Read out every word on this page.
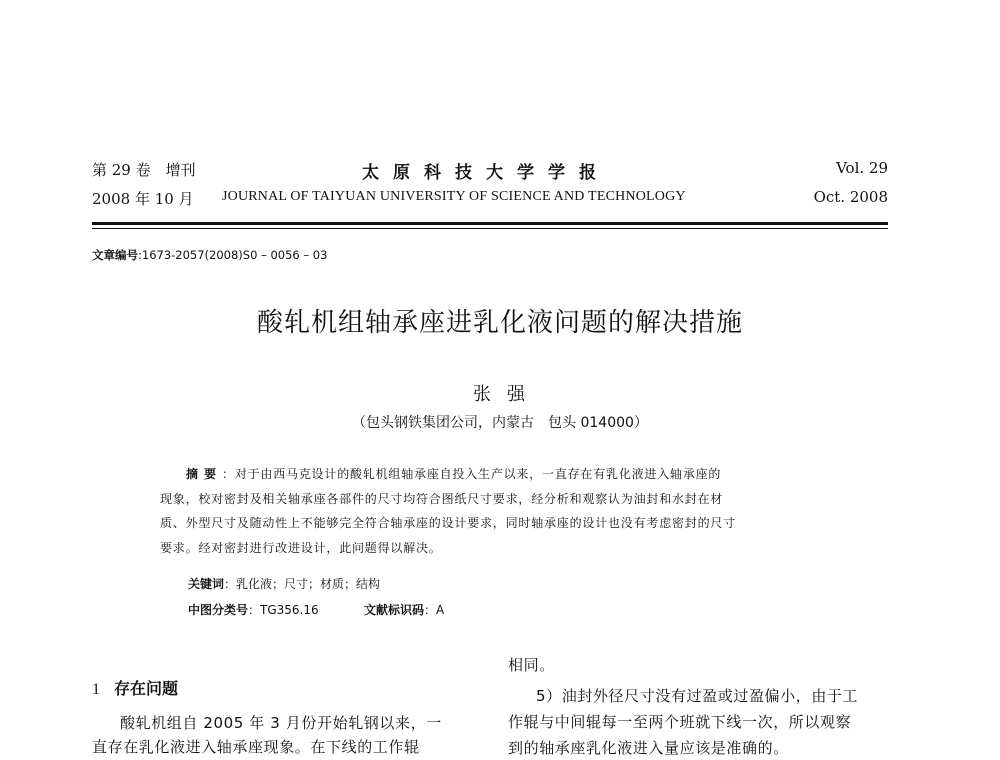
第 29 卷　增刊	太原科技大学学报	Vol. 29
2008 年 10 月 JOURNAL OF TAIYUAN UNIVERSITY OF SCIENCE AND TECHNOLOGY	Oct. 2008
文章编号:1673-2057(2008)S0 – 0056 – 03
酸轧机组轴承座进乳化液问题的解决措施
张强
（包头钢铁集团公司，内蒙古　包头 014000）
摘要：对于由西马克设计的酸轧机组轴承座自投入生产以来，一直存在有乳化液进入轴承座的
现象，校对密封及相关轴承座各部件的尺寸均符合图纸尺寸要求，经分析和观察认为油封和水封在材
质、外型尺寸及随动性上不能够完全符合轴承座的设计要求，同时轴承座的设计也没有考虑密封的尺寸
要求。经对密封进行改进设计，此问题得以解决。
关键词：乳化液；尺寸；材质；结构
中图分类号：TG356.16	文献标识码：A
1 存在问题
酸轧机组自 2005 年 3 月份开始轧钢以来，一
直存在乳化液进入轴承座现象。在下线的工作辊
相同。
5）油封外径尺寸没有过盈或过盈偏小，由于工
作辊与中间辊每一至两个班就下线一次，所以观察
到的轴承座乳化液进入量应该是准确的。
